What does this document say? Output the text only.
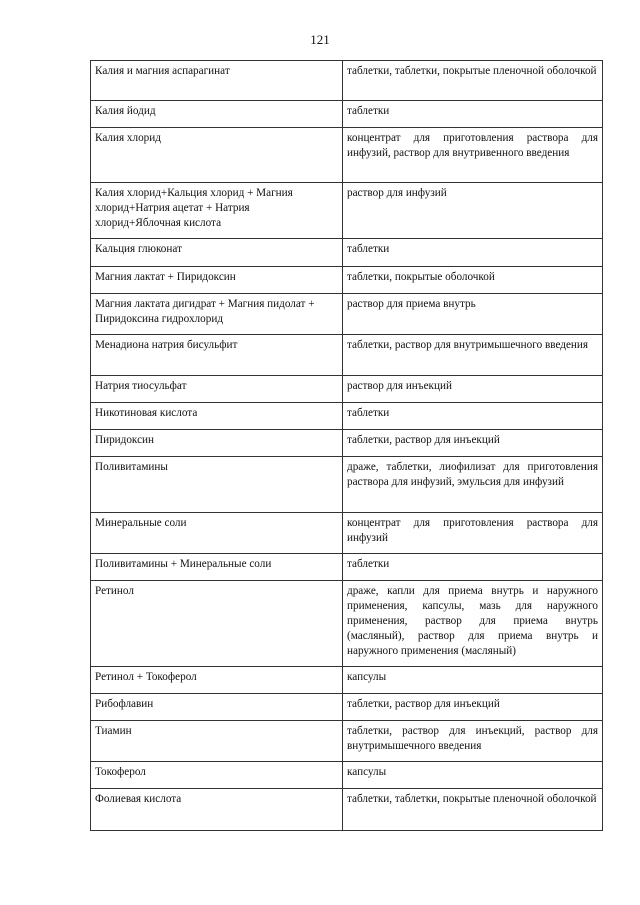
121
Калия и магния аспарагинат	таблетки, таблетки, покрытые пленочной оболочкой
Калия йодид	таблетки
Калия хлорид	концентрат для приготовления раствора для инфузий, раствор для внутривенного введения
Калия хлорид+Кальция хлорид + Магния хлорид+Натрия ацетат + Натрия хлорид+Яблочная кислота	раствор для инфузий
Кальция глюконат	таблетки
Магния лактат + Пиридоксин	таблетки, покрытые оболочкой
Магния лактата дигидрат + Магния пидолат + Пиридоксина гидрохлорид	раствор для приема внутрь
Менадиона натрия бисульфит	таблетки, раствор для внутримышечного введения
Натрия тиосульфат	раствор для инъекций
Никотиновая кислота	таблетки
Пиридоксин	таблетки, раствор для инъекций
Поливитамины	драже, таблетки, лиофилизат для приготовления раствора для инфузий, эмульсия для инфузий
Минеральные соли	концентрат для приготовления раствора для инфузий
Поливитамины + Минеральные соли	таблетки
Ретинол	драже, капли для приема внутрь и наружного применения, капсулы, мазь для наружного применения, раствор для приема внутрь (масляный), раствор для приема внутрь и наружного применения (масляный)
Ретинол + Токоферол	капсулы
Рибофлавин	таблетки, раствор для инъекций
Тиамин	таблетки, раствор для инъекций, раствор для внутримышечного введения
Токоферол	капсулы
Фолиевая кислота	таблетки, таблетки, покрытые пленочной оболочкой
